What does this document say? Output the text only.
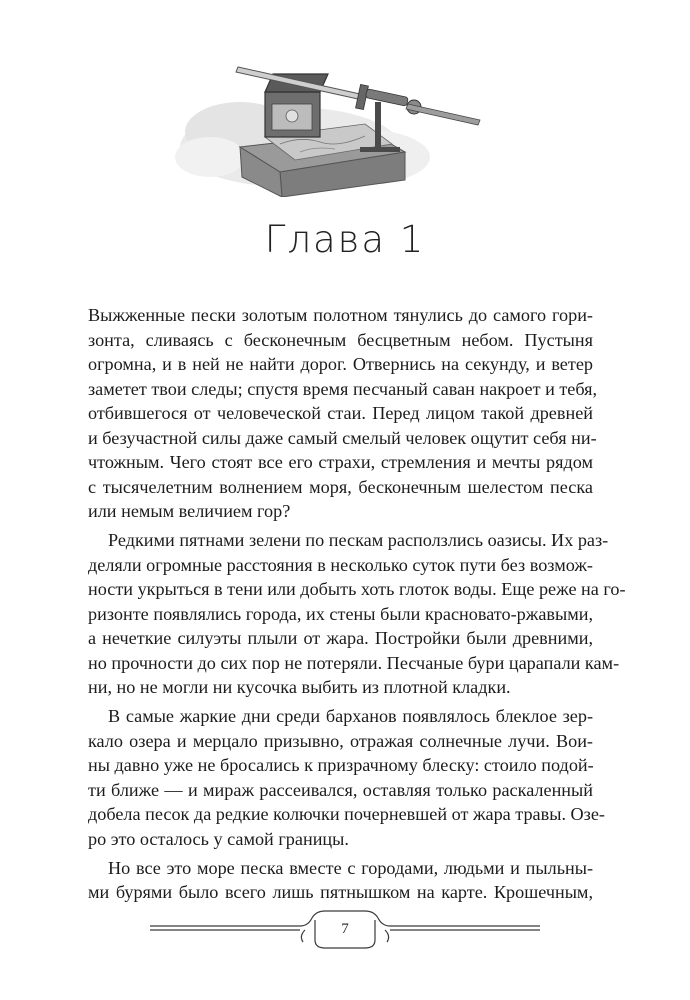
Глава 1
Выжженные пески золотым полотном тянулись до самого гори-
зонта, сливаясь с бесконечным бесцветным небом. Пустыня
огромна, и в ней не найти дорог. Отвернись на секунду, и ветер
заметет твои следы; спустя время песчаный саван накроет и тебя,
отбившегося от человеческой стаи. Перед лицом такой древней
и безучастной силы даже самый смелый человек ощутит себя ни-
чтожным. Чего стоят все его страхи, стремления и мечты рядом
с тысячелетним волнением моря, бесконечным шелестом песка
или немым величием гор?
Редкими пятнами зелени по пескам расползлись оазисы. Их раз-
деляли огромные расстояния в несколько суток пути без возмож-
ности укрыться в тени или добыть хоть глоток воды. Еще реже на го-
ризонте появлялись города, их стены были красновато-ржавыми,
а нечеткие силуэты плыли от жара. Постройки были древними,
но прочности до сих пор не потеряли. Песчаные бури царапали кам-
ни, но не могли ни кусочка выбить из плотной кладки.
В самые жаркие дни среди барханов появлялось блеклое зер-
кало озера и мерцало призывно, отражая солнечные лучи. Вои-
ны давно уже не бросались к призрачному блеску: стоило подой-
ти ближе — и мираж рассеивался, оставляя только раскаленный
добела песок да редкие колючки почерневшей от жара травы. Озе-
ро это осталось у самой границы.
Но все это море песка вместе с городами, людьми и пыльны-
ми бурями было всего лишь пятнышком на карте. Крошечным,
7
